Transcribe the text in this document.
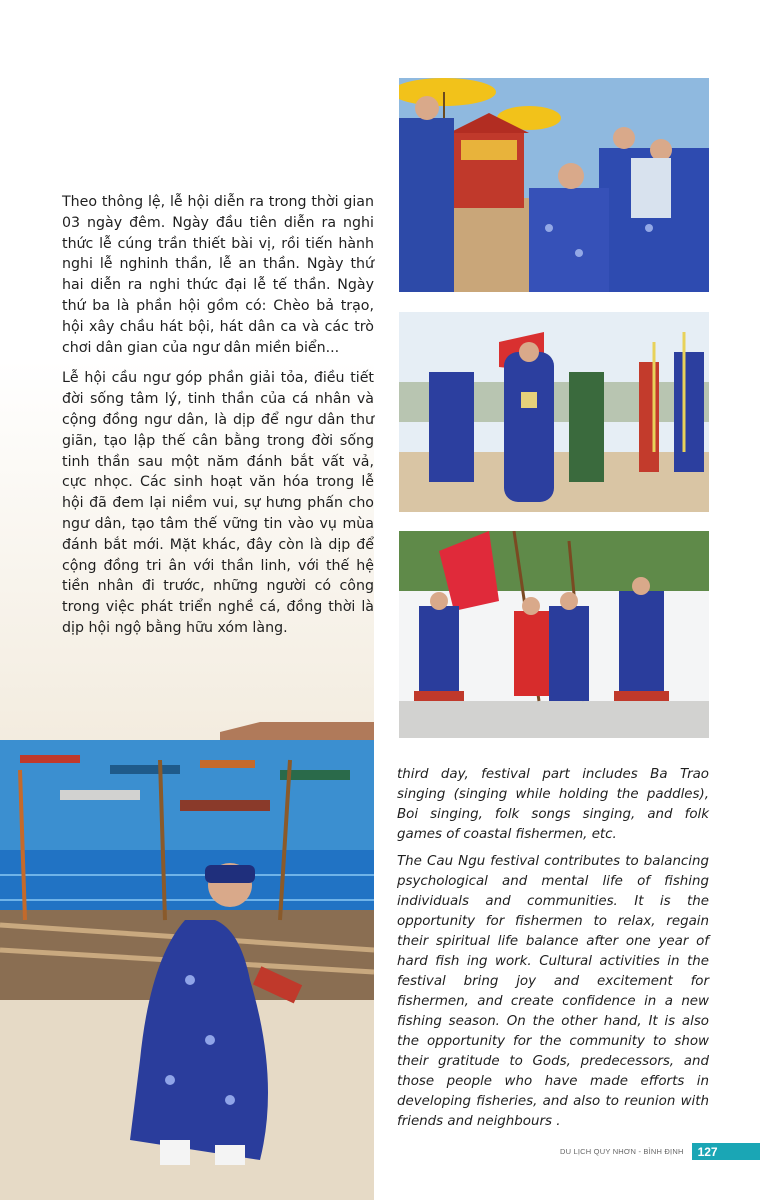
Theo thông lệ, lễ hội diễn ra trong thời gian 03 ngày đêm. Ngày đầu tiên diễn ra nghi thức lễ cúng trần thiết bài vị, rồi tiến hành nghi lễ nghinh thần, lễ an thần. Ngày thứ hai diễn ra nghi thức đại lễ tế thần. Ngày thứ ba là phần hội gồm có: Chèo bả trạo, hội xây chầu hát bội, hát dân ca và các trò chơi dân gian của ngư dân miền biển...

Lễ hội cầu ngư góp phần giải tỏa, điều tiết đời sống tâm lý, tinh thần của cá nhân và cộng đồng ngư dân, là dịp để ngư dân thư giãn, tạo lập thế cân bằng trong đời sống tinh thần sau một năm đánh bắt vất vả, cực nhọc. Các sinh hoạt văn hóa trong lễ hội đã đem lại niềm vui, sự hưng phấn cho ngư dân, tạo tâm thế vững tin vào vụ mùa đánh bắt mới. Mặt khác, đây còn là dịp để cộng đồng tri ân với thần linh, với thế hệ tiền nhân đi trước, những người có công trong việc phát triển nghề cá, đồng thời là dịp hội ngộ bằng hữu xóm làng.

third day, festival part includes Ba Trao singing (singing while holding the paddles), Boi singing, folk songs singing, and folk games of coastal fishermen, etc.

The Cau Ngu festival contributes to balancing psychological and mental life of fishing individuals and communities. It is the opportunity for fishermen to relax, regain their spiritual life balance after one year of hard fish ing work. Cultural activities in the festival bring joy and excitement for fishermen, and create confidence in a new fishing season. On the other hand, It is also the opportunity for the community to show their gratitude to Gods, predecessors, and those people who have made efforts in developing fisheries, and also to reunion with friends and neighbours .

DU LỊCH QUY NHƠN - BÌNH ĐỊNH	127
